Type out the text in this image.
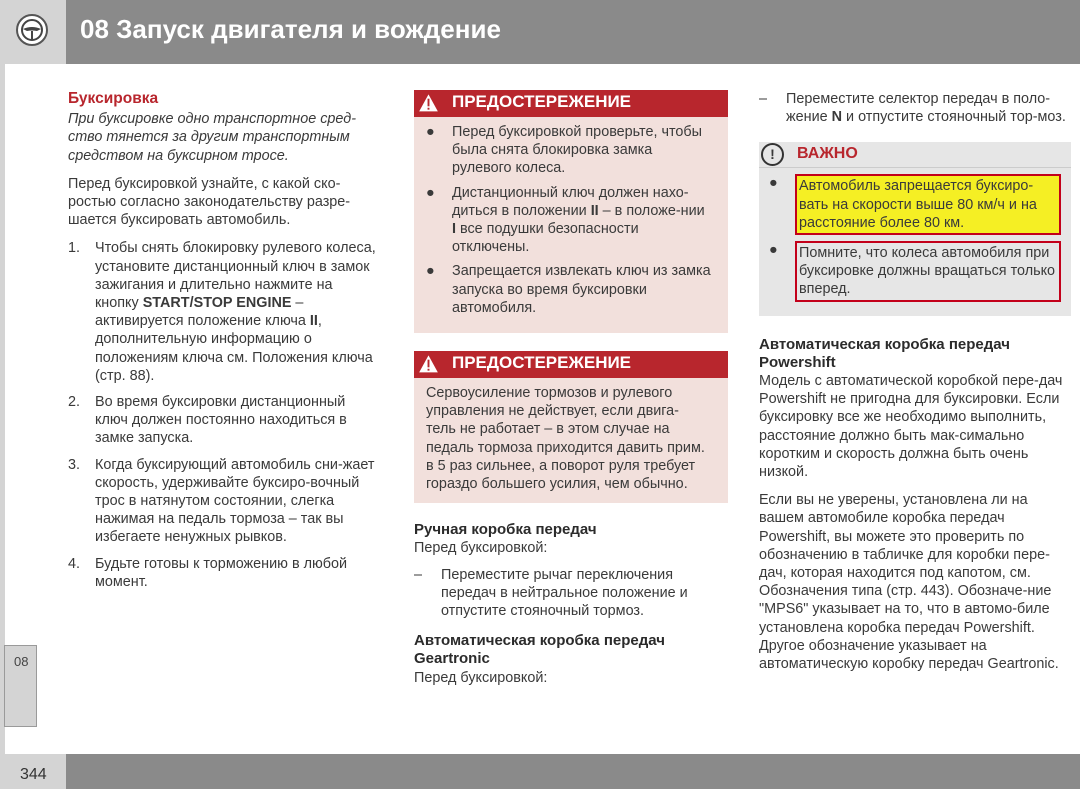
08 Запуск двигателя и вождение
08
344
Буксировка

При буксировке одно транспортное сред-ство тянется за другим транспортным средством на буксирном тросе.

Перед буксировкой узнайте, с какой ско-ростью согласно законодательству разре-шается буксировать автомобиль.

1. Чтобы снять блокировку рулевого колеса, установите дистанционный ключ в замок зажигания и длительно нажмите на кнопку START/STOP ENGINE – активируется положение ключа II, дополнительную информацию о положениям ключа см. Положения ключа (стр. 88).
2. Во время буксировки дистанционный ключ должен постоянно находиться в замке запуска.
3. Когда буксирующий автомобиль сни-жает скорость, удерживайте буксиро-вочный трос в натянутом состоянии, слегка нажимая на педаль тормоза – так вы избегаете ненужных рывков.
4. Будьте готовы к торможению в любой момент.
ПРЕДОСТЕРЕЖЕНИЕ
● Перед буксировкой проверьте, чтобы была снята блокировка замка рулевого колеса.
● Дистанционный ключ должен нахо-диться в положении II – в положе-нии I все подушки безопасности отключены.
● Запрещается извлекать ключ из замка запуска во время буксировки автомобиля.
ПРЕДОСТЕРЕЖЕНИЕ
Сервоусиление тормозов и рулевого управления не действует, если двига-тель не работает – в этом случае на педаль тормоза приходится давить прим. в 5 раз сильнее, а поворот руля требует гораздо большего усилия, чем обычно.
Ручная коробка передач

Перед буксировкой:

– Переместите рычаг переключения передач в нейтральное положение и отпустите стояночный тормоз.
Автоматическая коробка передач Geartronic
Перед буксировкой:
– Переместите селектор передач в поло-жение N и отпустите стояночный тор-моз.
!	ВАЖНО
● Автомобиль запрещается буксиро-вать на скорости выше 80 км/ч и на расстояние более 80 км.
● Помните, что колеса автомобиля при буксировке должны вращаться только вперед.
Автоматическая коробка передач Powershift

Модель с автоматической коробкой пере-дач Powershift не пригодна для буксировки. Если буксировку все же необходимо выполнить, расстояние должно быть мак-симально коротким и скорость должна быть очень низкой.

Если вы не уверены, установлена ли на вашем автомобиле коробка передач Powershift, вы можете это проверить по обозначению в табличке для коробки пере-дач, которая находится под капотом, см. Обозначения типа (стр. 443). Обозначе-ние "MPS6" указывает на то, что в автомо-биле установлена коробка передач Powershift. Другое обозначение указывает на автоматическую коробку передач Geartronic.
